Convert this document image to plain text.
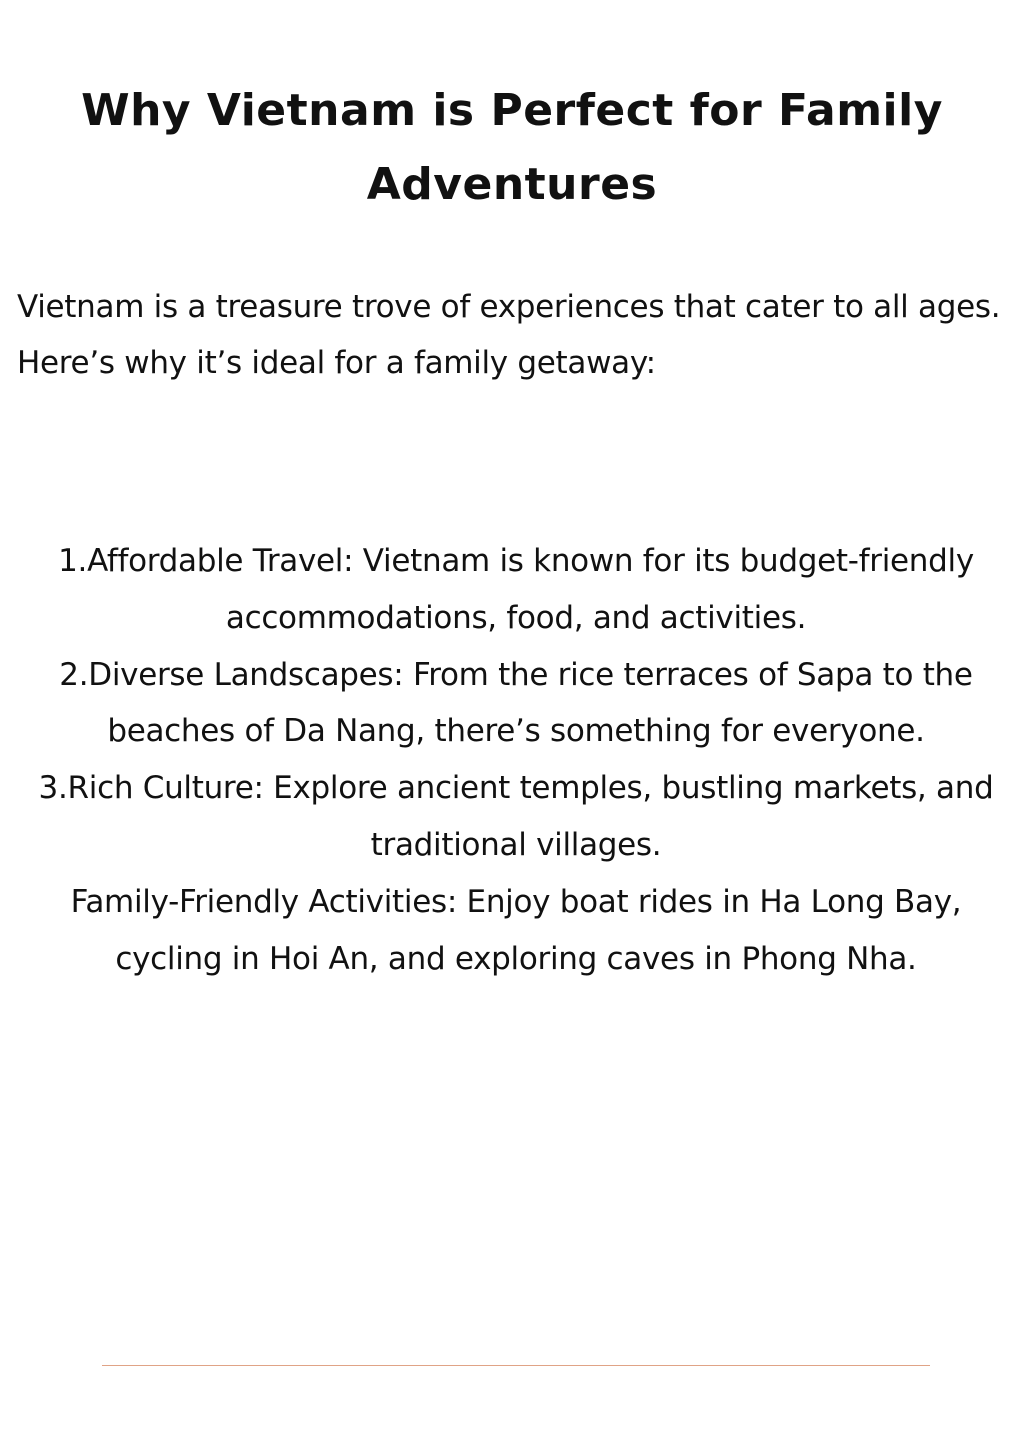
Why Vietnam is Perfect for Family Adventures

Vietnam is a treasure trove of experiences that cater to all ages. Here’s why it’s ideal for a family getaway:

1.Affordable Travel: Vietnam is known for its budget-friendly accommodations, food, and activities.
2.Diverse Landscapes: From the rice terraces of Sapa to the beaches of Da Nang, there’s something for everyone.
3.Rich Culture: Explore ancient temples, bustling markets, and traditional villages.
Family-Friendly Activities: Enjoy boat rides in Ha Long Bay, cycling in Hoi An, and exploring caves in Phong Nha.
